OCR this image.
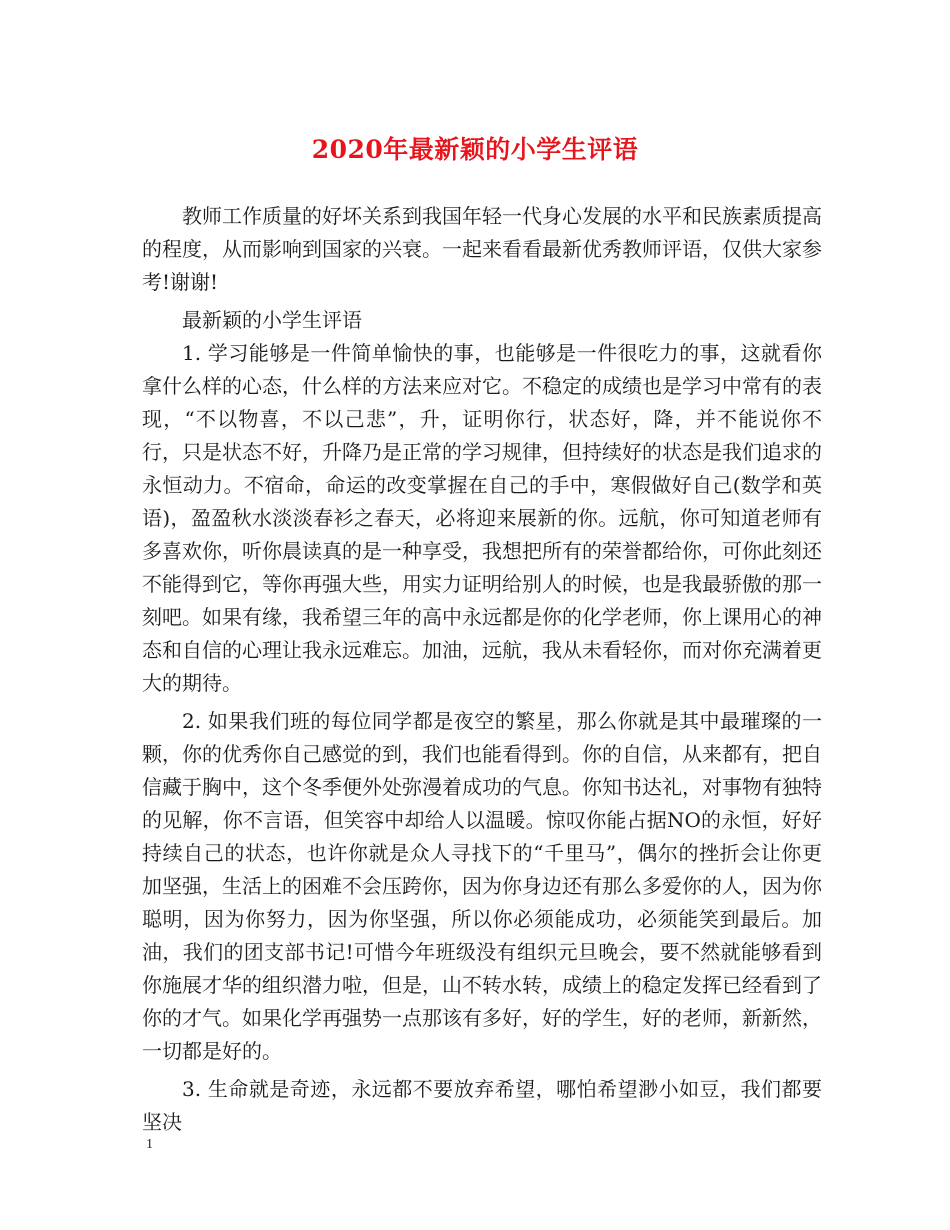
2020年最新颖的小学生评语

教师工作质量的好坏关系到我国年轻一代身心发展的水平和民族素质提高的程度，从而影响到国家的兴衰。一起来看看最新优秀教师评语，仅供大家参考!谢谢!

最新颖的小学生评语

1. 学习能够是一件简单愉快的事，也能够是一件很吃力的事，这就看你拿什么样的心态，什么样的方法来应对它。不稳定的成绩也是学习中常有的表现，“不以物喜，不以己悲”，升，证明你行，状态好，降，并不能说你不行，只是状态不好，升降乃是正常的学习规律，但持续好的状态是我们追求的永恒动力。不宿命，命运的改变掌握在自己的手中，寒假做好自己(数学和英语)，盈盈秋水淡淡春衫之春天，必将迎来展新的你。远航，你可知道老师有多喜欢你，听你晨读真的是一种享受，我想把所有的荣誉都给你，可你此刻还不能得到它，等你再强大些，用实力证明给别人的时候，也是我最骄傲的那一刻吧。如果有缘，我希望三年的高中永远都是你的化学老师，你上课用心的神态和自信的心理让我永远难忘。加油，远航，我从未看轻你，而对你充满着更大的期待。

2. 如果我们班的每位同学都是夜空的繁星，那么你就是其中最璀璨的一颗，你的优秀你自己感觉的到，我们也能看得到。你的自信，从来都有，把自信藏于胸中，这个冬季便外处弥漫着成功的气息。你知书达礼，对事物有独特的见解，你不言语，但笑容中却给人以温暖。惊叹你能占据NO的永恒，好好持续自己的状态，也许你就是众人寻找下的“千里马”，偶尔的挫折会让你更加坚强，生活上的困难不会压跨你，因为你身边还有那么多爱你的人，因为你聪明，因为你努力，因为你坚强，所以你必须能成功，必须能笑到最后。加油，我们的团支部书记!可惜今年班级没有组织元旦晚会，要不然就能够看到你施展才华的组织潜力啦，但是，山不转水转，成绩上的稳定发挥已经看到了你的才气。如果化学再强势一点那该有多好，好的学生，好的老师，新新然，一切都是好的。

3. 生命就是奇迹，永远都不要放弃希望，哪怕希望渺小如豆，我们都要坚决

1
